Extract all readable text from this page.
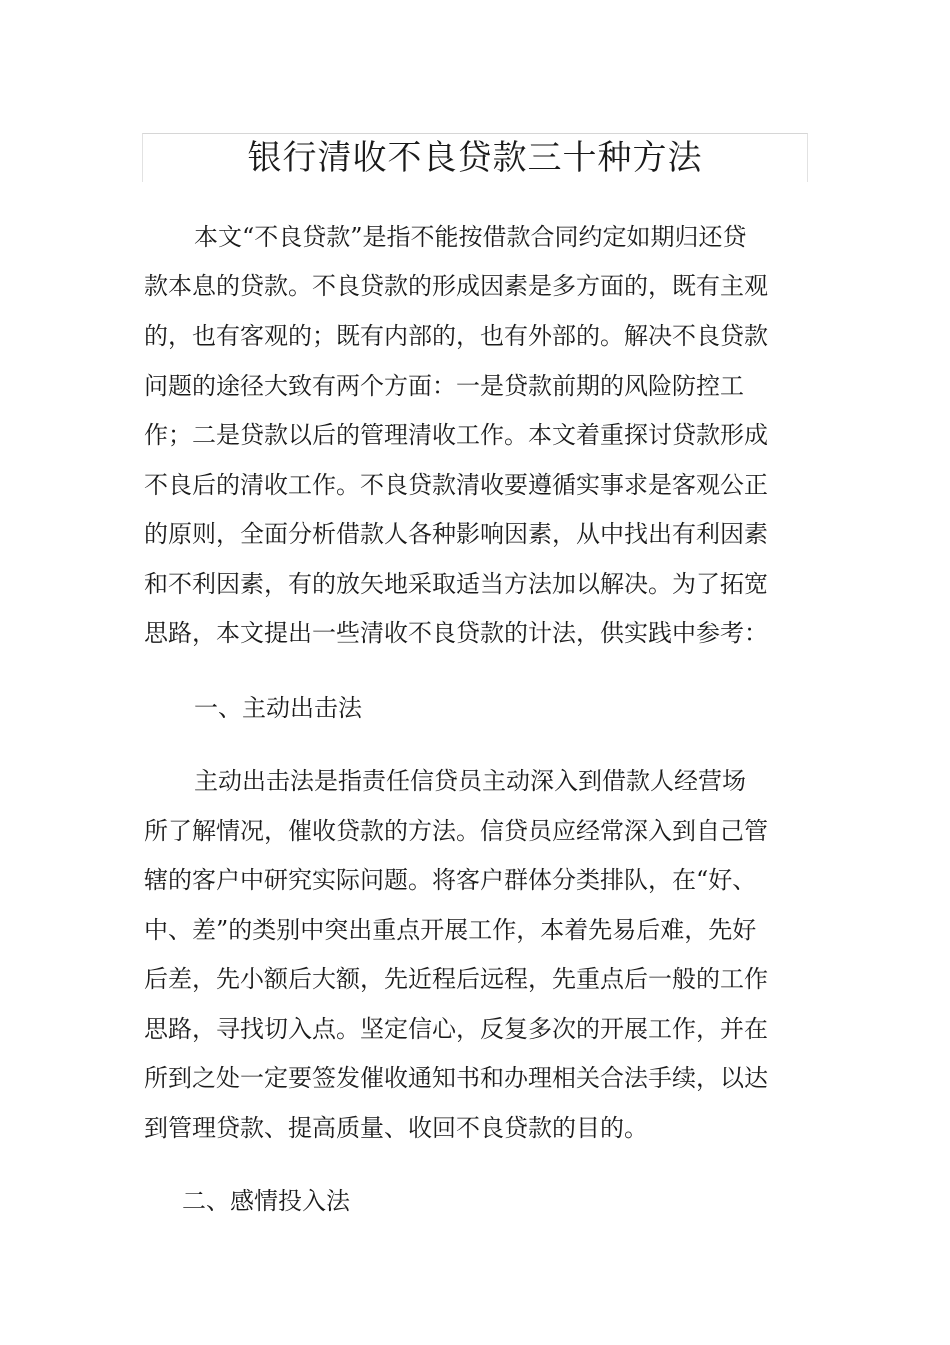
银行清收不良贷款三十种方法

本文“不良贷款”是指不能按借款合同约定如期归还贷

款本息的贷款。不良贷款的形成因素是多方面的，既有主观

的，也有客观的；既有内部的，也有外部的。解决不良贷款

问题的途径大致有两个方面：一是贷款前期的风险防控工

作；二是贷款以后的管理清收工作。本文着重探讨贷款形成

不良后的清收工作。不良贷款清收要遵循实事求是客观公正

的原则，全面分析借款人各种影响因素，从中找出有利因素

和不利因素，有的放矢地采取适当方法加以解决。为了拓宽

思路，本文提出一些清收不良贷款的计法，供实践中参考：

一、主动出击法

主动出击法是指责任信贷员主动深入到借款人经营场

所了解情况，催收贷款的方法。信贷员应经常深入到自己管

辖的客户中研究实际问题。将客户群体分类排队，在“好、

中、差”的类别中突出重点开展工作，本着先易后难，先好

后差，先小额后大额，先近程后远程，先重点后一般的工作

思路，寻找切入点。坚定信心，反复多次的开展工作，并在

所到之处一定要签发催收通知书和办理相关合法手续，以达

到管理贷款、提高质量、收回不良贷款的目的。

二、感情投入法
